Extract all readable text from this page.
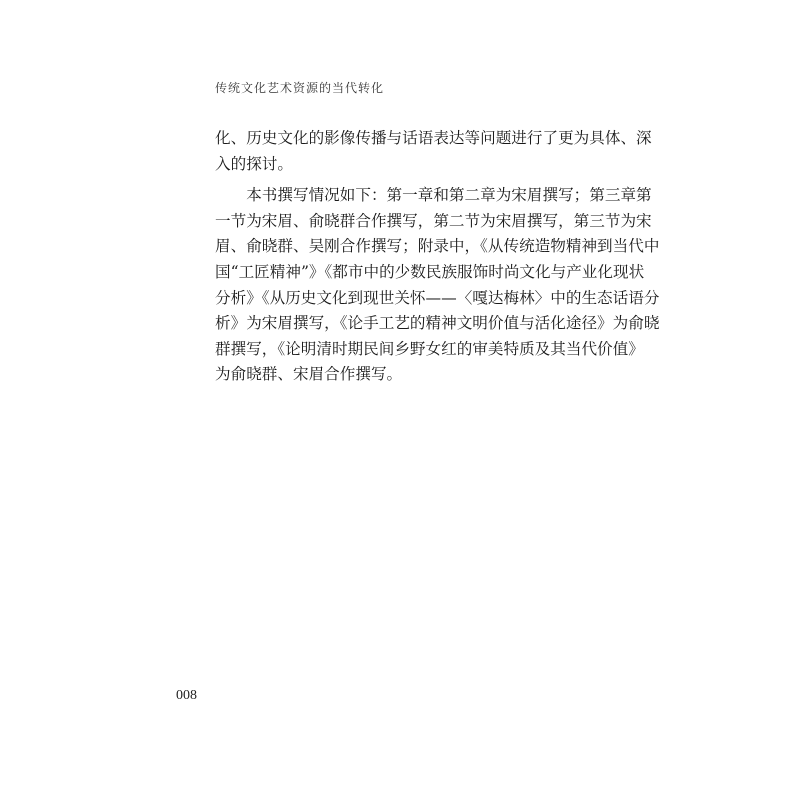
传统文化艺术资源的当代转化
化、历史文化的影像传播与话语表达等问题进行了更为具体、深
入的探讨。
　　本书撰写情况如下：第一章和第二章为宋眉撰写；第三章第
一节为宋眉、俞晓群合作撰写，第二节为宋眉撰写，第三节为宋
眉、俞晓群、吴刚合作撰写；附录中，《从传统造物精神到当代中
国“工匠精神”》《都市中的少数民族服饰时尚文化与产业化现状
分析》《从历史文化到现世关怀——〈嘎达梅林〉中的生态话语分
析》为宋眉撰写，《论手工艺的精神文明价值与活化途径》为俞晓
群撰写，《论明清时期民间乡野女红的审美特质及其当代价值》
为俞晓群、宋眉合作撰写。
008
